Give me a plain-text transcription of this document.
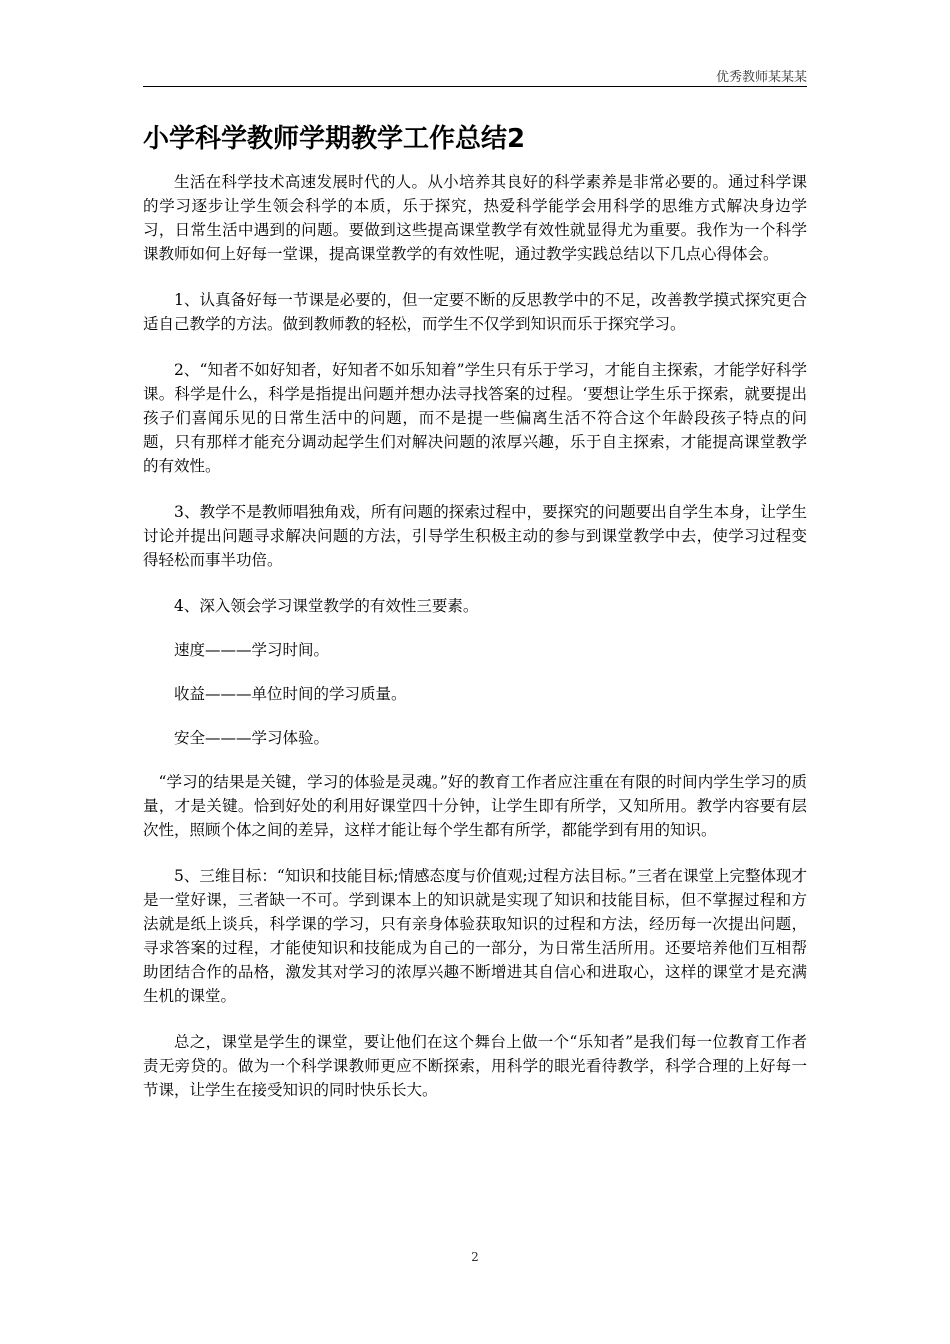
优秀教师某某某
小学科学教师学期教学工作总结2

生活在科学技术高速发展时代的人。从小培养其良好的科学素养是非常必要的。通过科学课的学习逐步让学生领会科学的本质，乐于探究，热爱科学能学会用科学的思维方式解决身边学习，日常生活中遇到的问题。要做到这些提高课堂教学有效性就显得尤为重要。我作为一个科学课教师如何上好每一堂课，提高课堂教学的有效性呢，通过教学实践总结以下几点心得体会。

1、认真备好每一节课是必要的，但一定要不断的反思教学中的不足，改善教学摸式探究更合适自己教学的方法。做到教师教的轻松，而学生不仅学到知识而乐于探究学习。

2、“知者不如好知者，好知者不如乐知着”学生只有乐于学习，才能自主探索，才能学好科学课。科学是什么，科学是指提出问题并想办法寻找答案的过程。‘要想让学生乐于探索，就要提出孩子们喜闻乐见的日常生活中的问题，而不是提一些偏离生活不符合这个年龄段孩子特点的问题，只有那样才能充分调动起学生们对解决问题的浓厚兴趣，乐于自主探索，才能提高课堂教学的有效性。

3、教学不是教师唱独角戏，所有问题的探索过程中，要探究的问题要出自学生本身，让学生讨论并提出问题寻求解决问题的方法，引导学生积极主动的参与到课堂教学中去，使学习过程变得轻松而事半功倍。

4、深入领会学习课堂教学的有效性三要素。

速度———学习时间。

收益———单位时间的学习质量。

安全———学习体验。

“学习的结果是关键，学习的体验是灵魂。”好的教育工作者应注重在有限的时间内学生学习的质量，才是关键。恰到好处的利用好课堂四十分钟，让学生即有所学，又知所用。教学内容要有层次性，照顾个体之间的差异，这样才能让每个学生都有所学，都能学到有用的知识。

5、三维目标：“知识和技能目标;情感态度与价值观;过程方法目标。”三者在课堂上完整体现才是一堂好课，三者缺一不可。学到课本上的知识就是实现了知识和技能目标，但不掌握过程和方法就是纸上谈兵，科学课的学习，只有亲身体验获取知识的过程和方法，经历每一次提出问题，寻求答案的过程，才能使知识和技能成为自己的一部分，为日常生活所用。还要培养他们互相帮助团结合作的品格，激发其对学习的浓厚兴趣不断增进其自信心和进取心，这样的课堂才是充满生机的课堂。

总之，课堂是学生的课堂，要让他们在这个舞台上做一个“乐知者”是我们每一位教育工作者责无旁贷的。做为一个科学课教师更应不断探索，用科学的眼光看待教学，科学合理的上好每一节课，让学生在接受知识的同时快乐长大。

2
